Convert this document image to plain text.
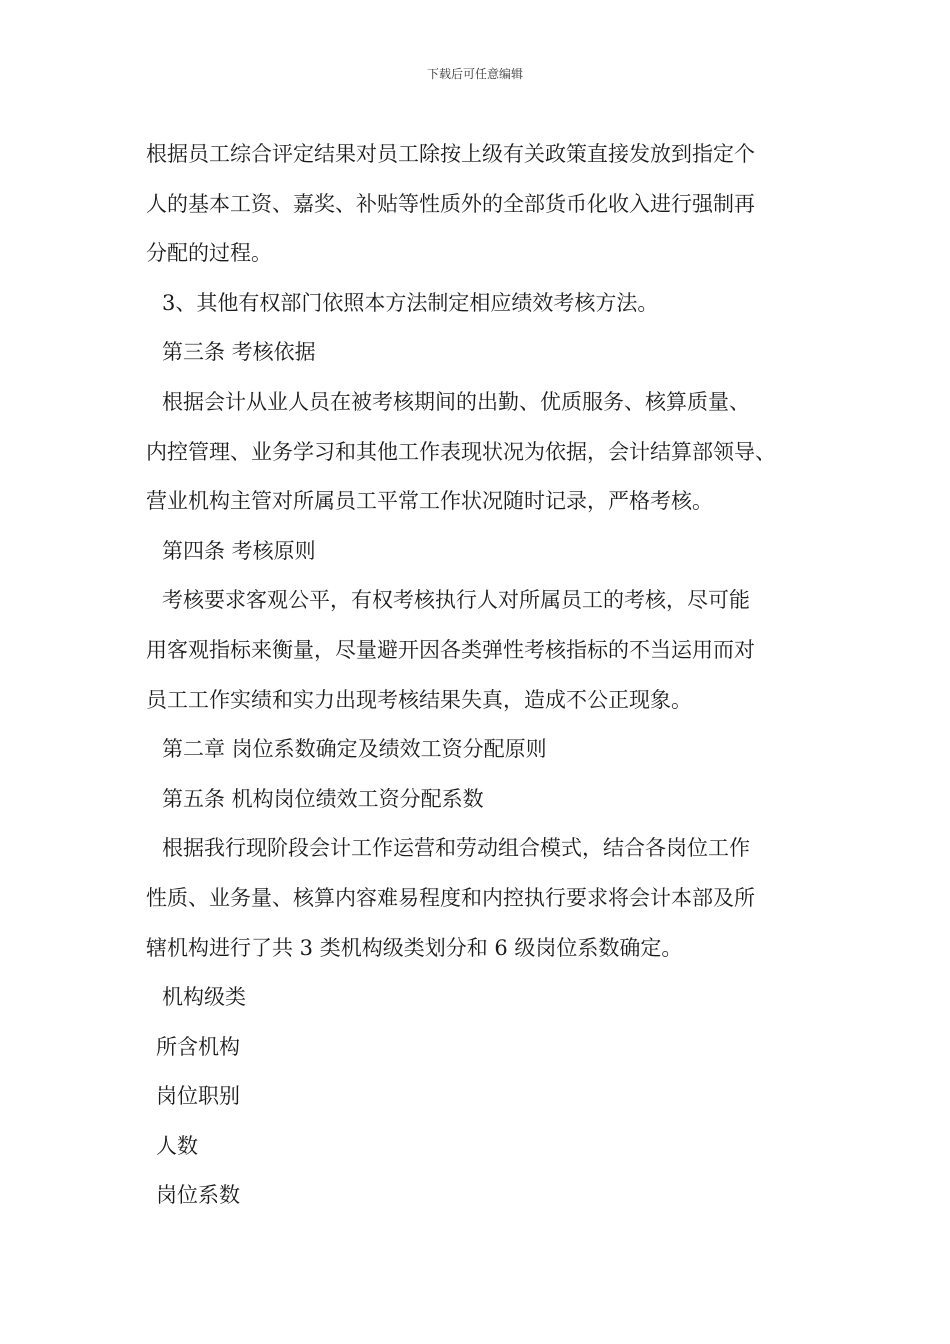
下载后可任意编辑
根据员工综合评定结果对员工除按上级有关政策直接发放到指定个
人的基本工资、嘉奖、补贴等性质外的全部货币化收入进行强制再
分配的过程。
3、其他有权部门依照本方法制定相应绩效考核方法。
第三条 考核依据
根据会计从业人员在被考核期间的出勤、优质服务、核算质量、
内控管理、业务学习和其他工作表现状况为依据，会计结算部领导、
营业机构主管对所属员工平常工作状况随时记录，严格考核。
第四条 考核原则
考核要求客观公平，有权考核执行人对所属员工的考核，尽可能
用客观指标来衡量，尽量避开因各类弹性考核指标的不当运用而对
员工工作实绩和实力出现考核结果失真，造成不公正现象。
第二章 岗位系数确定及绩效工资分配原则
第五条 机构岗位绩效工资分配系数
根据我行现阶段会计工作运营和劳动组合模式，结合各岗位工作
性质、业务量、核算内容难易程度和内控执行要求将会计本部及所
辖机构进行了共 3 类机构级类划分和 6 级岗位系数确定。
机构级类
所含机构
岗位职别
人数
岗位系数
